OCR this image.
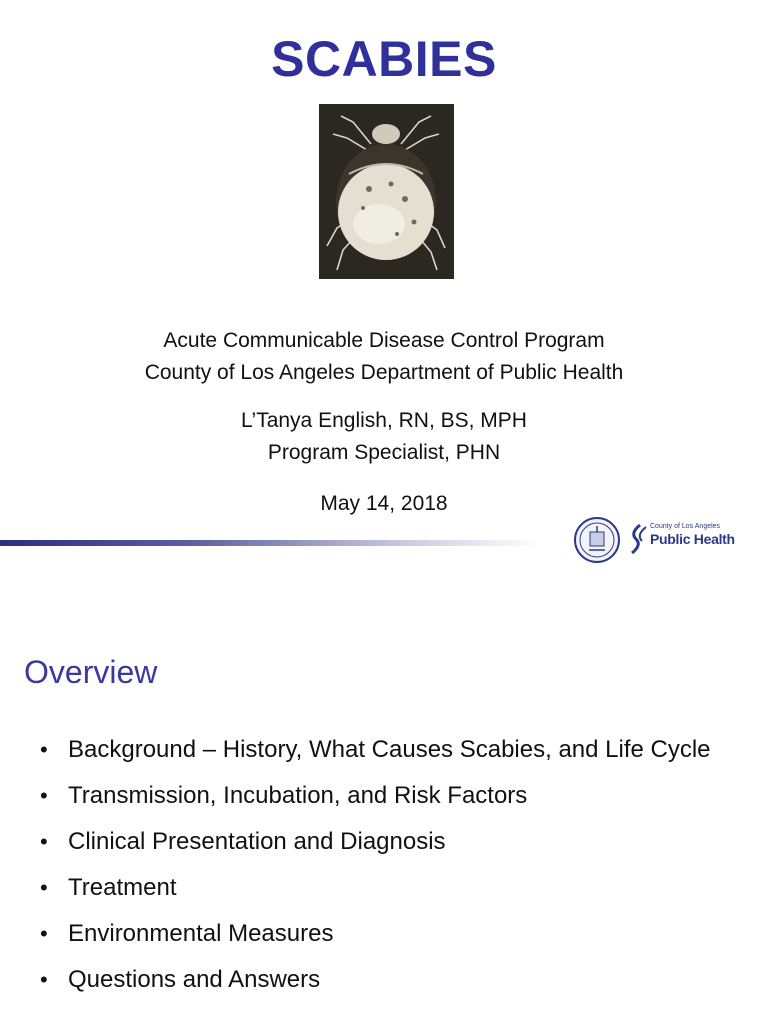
SCABIES
Acute Communicable Disease Control Program
County of Los Angeles Department of Public Health
L’Tanya English, RN, BS, MPH
Program Specialist, PHN
May 14, 2018
County of Los Angeles
Public Health
Overview
• Background – History, What Causes Scabies, and Life Cycle
• Transmission, Incubation, and Risk Factors
• Clinical Presentation and Diagnosis
• Treatment
• Environmental Measures
• Questions and Answers
